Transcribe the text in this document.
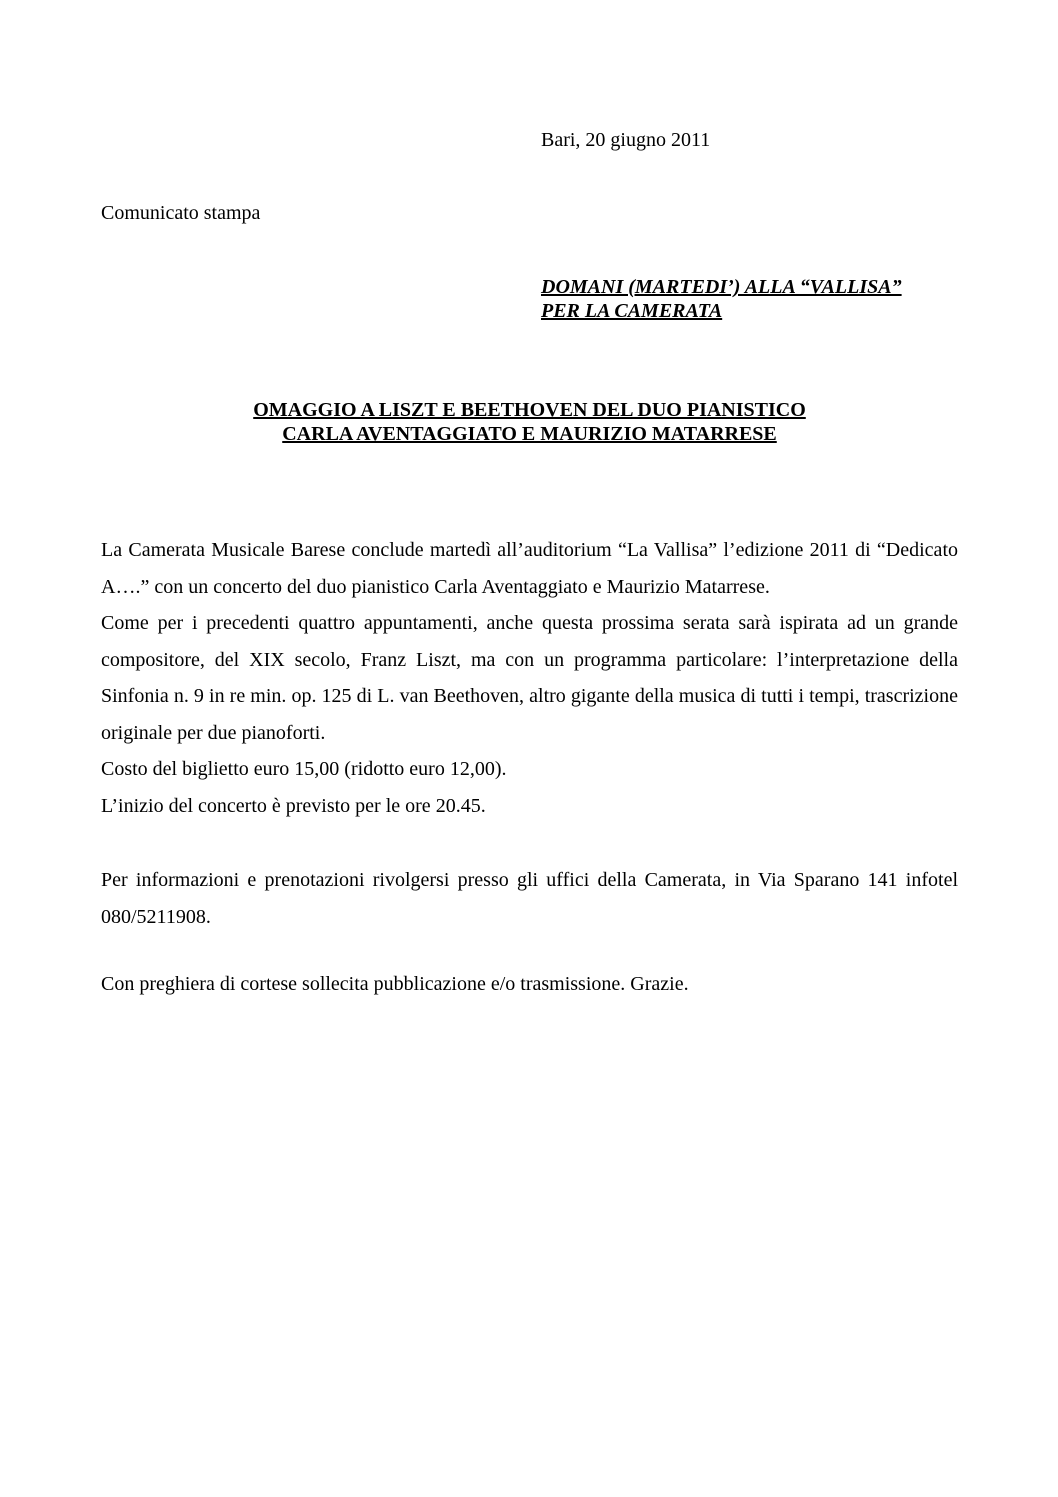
Bari, 20 giugno 2011
Comunicato stampa
DOMANI (MARTEDI’) ALLA “VALLISA”
PER LA CAMERATA
OMAGGIO A LISZT E BEETHOVEN DEL DUO PIANISTICO
CARLA AVENTAGGIATO E MAURIZIO MATARRESE

La Camerata Musicale Barese conclude martedì all’auditorium “La Vallisa” l’edizione 2011 di “Dedicato A….” con un concerto del duo pianistico Carla Aventaggiato e Maurizio Matarrese.

Come per i precedenti quattro appuntamenti, anche questa prossima serata sarà ispirata ad un grande compositore, del XIX secolo, Franz Liszt, ma con un programma particolare: l’interpretazione della Sinfonia n. 9 in re min. op. 125 di L. van Beethoven, altro gigante della musica di tutti i tempi, trascrizione originale per due pianoforti.

Costo del biglietto euro 15,00 (ridotto euro 12,00).

L’inizio del concerto è previsto per le ore 20.45.

Per informazioni e prenotazioni rivolgersi presso gli uffici della Camerata, in Via Sparano 141 infotel 080/5211908.

Con preghiera di cortese sollecita pubblicazione e/o trasmissione. Grazie.
